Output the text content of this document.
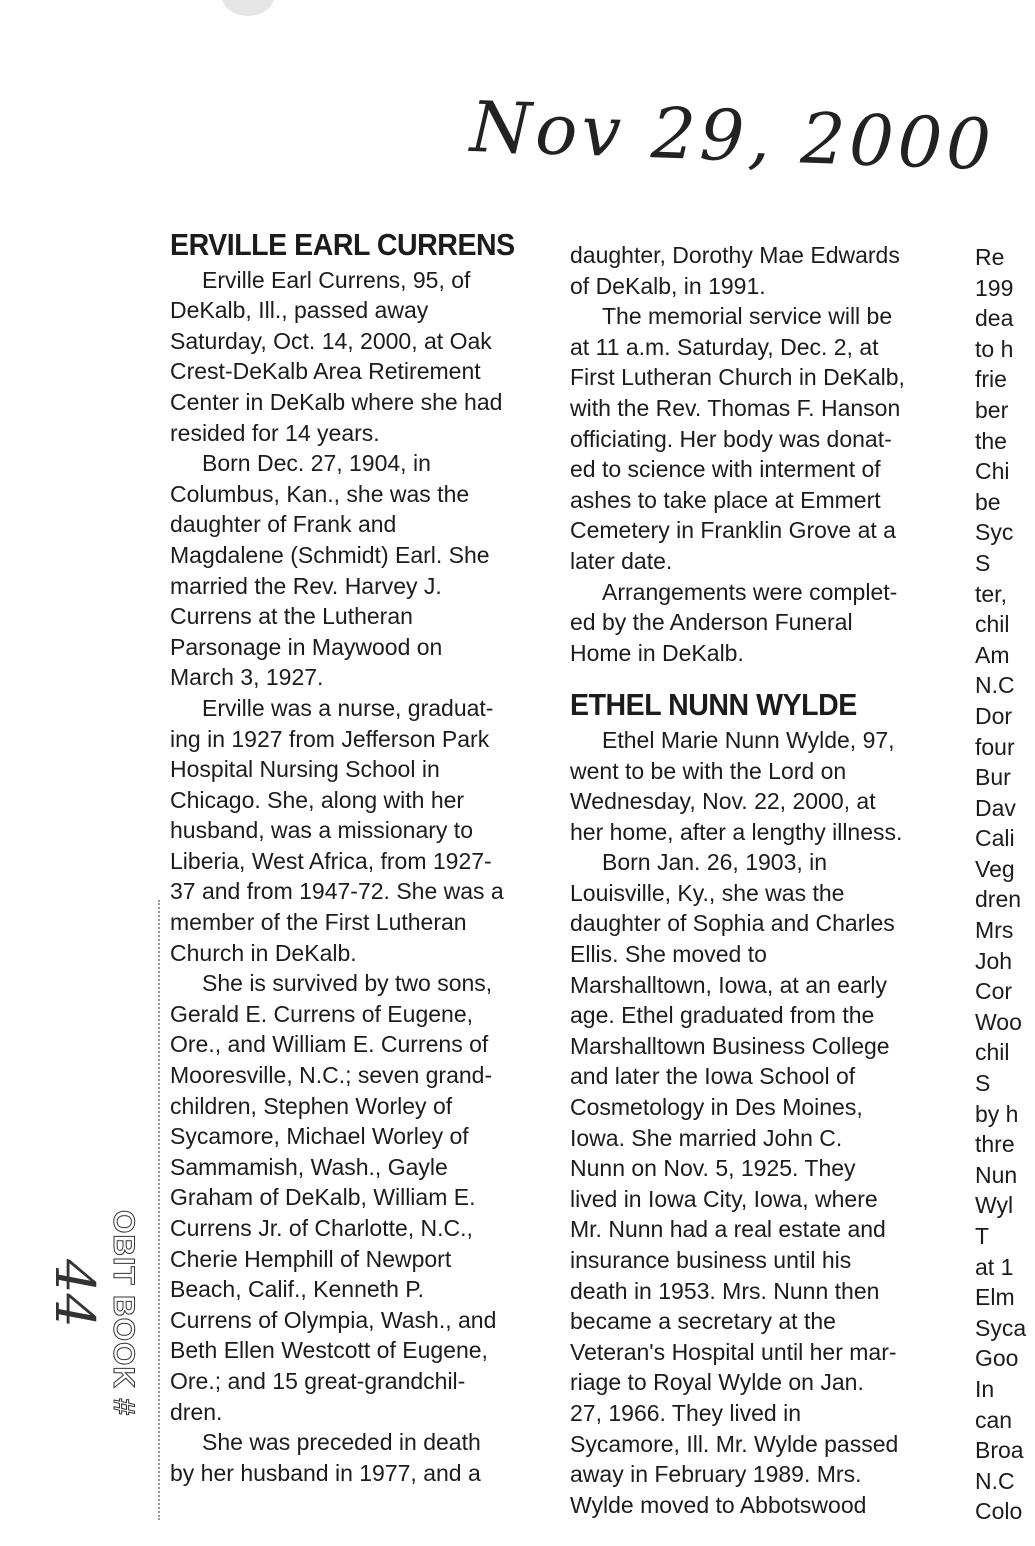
Nov 29, 2000
ERVILLE EARL CURRENS
Erville Earl Currens, 95, of
DeKalb, Ill., passed away
Saturday, Oct. 14, 2000, at Oak
Crest-DeKalb Area Retirement
Center in DeKalb where she had
resided for 14 years.
Born Dec. 27, 1904, in
Columbus, Kan., she was the
daughter of Frank and
Magdalene (Schmidt) Earl. She
married the Rev. Harvey J.
Currens at the Lutheran
Parsonage in Maywood on
March 3, 1927.
Erville was a nurse, graduat-
ing in 1927 from Jefferson Park
Hospital Nursing School in
Chicago. She, along with her
husband, was a missionary to
Liberia, West Africa, from 1927-
37 and from 1947-72. She was a
member of the First Lutheran
Church in DeKalb.
She is survived by two sons,
Gerald E. Currens of Eugene,
Ore., and William E. Currens of
Mooresville, N.C.; seven grand-
children, Stephen Worley of
Sycamore, Michael Worley of
Sammamish, Wash., Gayle
Graham of DeKalb, William E.
Currens Jr. of Charlotte, N.C.,
Cherie Hemphill of Newport
Beach, Calif., Kenneth P.
Currens of Olympia, Wash., and
Beth Ellen Westcott of Eugene,
Ore.; and 15 great-grandchil-
dren.
She was preceded in death
by her husband in 1977, and a
daughter, Dorothy Mae Edwards
of DeKalb, in 1991.
The memorial service will be
at 11 a.m. Saturday, Dec. 2, at
First Lutheran Church in DeKalb,
with the Rev. Thomas F. Hanson
officiating. Her body was donat-
ed to science with interment of
ashes to take place at Emmert
Cemetery in Franklin Grove at a
later date.
Arrangements were complet-
ed by the Anderson Funeral
Home in DeKalb.
ETHEL NUNN WYLDE
Ethel Marie Nunn Wylde, 97,
went to be with the Lord on
Wednesday, Nov. 22, 2000, at
her home, after a lengthy illness.
Born Jan. 26, 1903, in
Louisville, Ky., she was the
daughter of Sophia and Charles
Ellis. She moved to
Marshalltown, Iowa, at an early
age. Ethel graduated from the
Marshalltown Business College
and later the Iowa School of
Cosmetology in Des Moines,
Iowa. She married John C.
Nunn on Nov. 5, 1925. They
lived in Iowa City, Iowa, where
Mr. Nunn had a real estate and
insurance business until his
death in 1953. Mrs. Nunn then
became a secretary at the
Veteran's Hospital until her mar-
riage to Royal Wylde on Jan.
27, 1966. They lived in
Sycamore, Ill. Mr. Wylde passed
away in February 1989. Mrs.
Wylde moved to Abbotswood
Re
199
dea
to h
frie
ber
the
Chi
be
Syc
S
ter,
chil
Am
N.C
Dor
four
Bur
Dav
Cali
Veg
dren
Mrs
Joh
Cor
Woo
chil
S
by h
thre
Nun
Wyl
T
at 1
Elm
Syca
Goo
In
can
Broa
N.C
Colo
OBIT BOOK #
44
